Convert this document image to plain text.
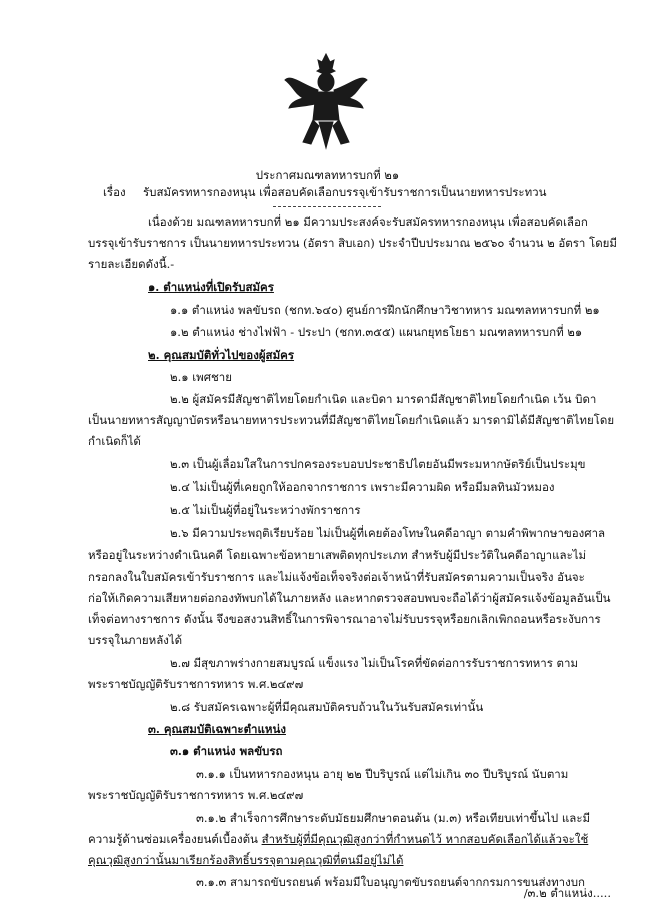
ประกาศมณฑลทหารบกที่ ๒๑
เรื่อง รับสมัครทหารกองหนุน เพื่อสอบคัดเลือกบรรจุเข้ารับราชการเป็นนายทหารประทวน
เนื่องด้วย มณฑลทหารบกที่ ๒๑ มีความประสงค์จะรับสมัครทหารกองหนุน เพื่อสอบคัดเลือก
บรรจุเข้ารับราชการ เป็นนายทหารประทวน (อัตรา สิบเอก) ประจำปีบประมาณ ๒๕๖๐ จำนวน ๒ อัตรา โดยมี
รายละเอียดดังนี้.-
๑. ตำแหน่งที่เปิดรับสมัคร
๑.๑ ตำแหน่ง พลขับรถ (ชกท.๖๔๐) ศูนย์การฝึกนักศึกษาวิชาทหาร มณฑลทหารบกที่ ๒๑
๑.๒ ตำแหน่ง ช่างไฟฟ้า - ประปา (ชกท.๓๕๕) แผนกยุทธโยธา มณฑลทหารบกที่ ๒๑
๒. คุณสมบัติทั่วไปของผู้สมัคร
๒.๑ เพศชาย
๒.๒ ผู้สมัครมีสัญชาติไทยโดยกำเนิด และบิดา มารดามีสัญชาติไทยโดยกำเนิด เว้น บิดา
เป็นนายทหารสัญญาบัตรหรือนายทหารประทวนที่มีสัญชาติไทยโดยกำเนิดแล้ว มารดามิได้มีสัญชาติไทยโดย
กำเนิดก็ได้
๒.๓ เป็นผู้เลื่อมใสในการปกครองระบอบประชาธิปไตยอันมีพระมหากษัตริย์เป็นประมุข
๒.๔ ไม่เป็นผู้ที่เคยถูกให้ออกจากราชการ เพราะมีความผิด หรือมีมลทินมัวหมอง
๒.๕ ไม่เป็นผู้ที่อยู่ในระหว่างพักราชการ
๒.๖ มีความประพฤติเรียบร้อย ไม่เป็นผู้ที่เคยต้องโทษในคดีอาญา ตามคำพิพากษาของศาล
หรืออยู่ในระหว่างดำเนินคดี โดยเฉพาะข้อหายาเสพติดทุกประเภท สำหรับผู้มีประวัติในคดีอาญาและไม่
กรอกลงในใบสมัครเข้ารับราชการ และไม่แจ้งข้อเท็จจริงต่อเจ้าหน้าที่รับสมัครตามความเป็นจริง อันจะ
ก่อให้เกิดความเสียหายต่อกองทัพบกได้ในภายหลัง และหากตรวจสอบพบจะถือได้ว่าผู้สมัครแจ้งข้อมูลอันเป็น
เท็จต่อทางราชการ ดังนั้น จึงขอสงวนสิทธิ์ในการพิจารณาอาจไม่รับบรรจุหรือยกเลิกเพิกถอนหรือระงับการ
บรรจุในภายหลังได้
๒.๗ มีสุขภาพร่างกายสมบูรณ์ แข็งแรง ไม่เป็นโรคที่ขัดต่อการรับราชการทหาร ตาม
พระราชบัญญัติรับราชการทหาร พ.ศ.๒๔๙๗
๒.๘ รับสมัครเฉพาะผู้ที่มีคุณสมบัติครบถ้วนในวันรับสมัครเท่านั้น
๓. คุณสมบัติเฉพาะตำแหน่ง
๓.๑ ตำแหน่ง พลขับรถ
๓.๑.๑ เป็นทหารกองหนุน อายุ ๒๒ ปีบริบูรณ์ แต่ไม่เกิน ๓๐ ปีบริบูรณ์ นับตาม
พระราชบัญญัติรับราชการทหาร พ.ศ.๒๔๙๗
๓.๑.๒ สำเร็จการศึกษาระดับมัธยมศึกษาตอนต้น (ม.๓) หรือเทียบเท่าขึ้นไป และมี
ความรู้ด้านซ่อมเครื่องยนต์เบื้องต้น สำหรับผู้ที่มีคุณวุฒิสูงกว่าที่กำหนดไว้ หากสอบคัดเลือกได้แล้วจะใช้
คุณวุฒิสูงกว่านั้นมาเรียกร้องสิทธิ์บรรจุตามคุณวุฒิที่ตนมีอยู่ไม่ได้
๓.๑.๓ สามารถขับรถยนต์ พร้อมมีใบอนุญาตขับรถยนต์จากกรมการขนส่งทางบก
/๓.๒ ตำแหน่ง.....
